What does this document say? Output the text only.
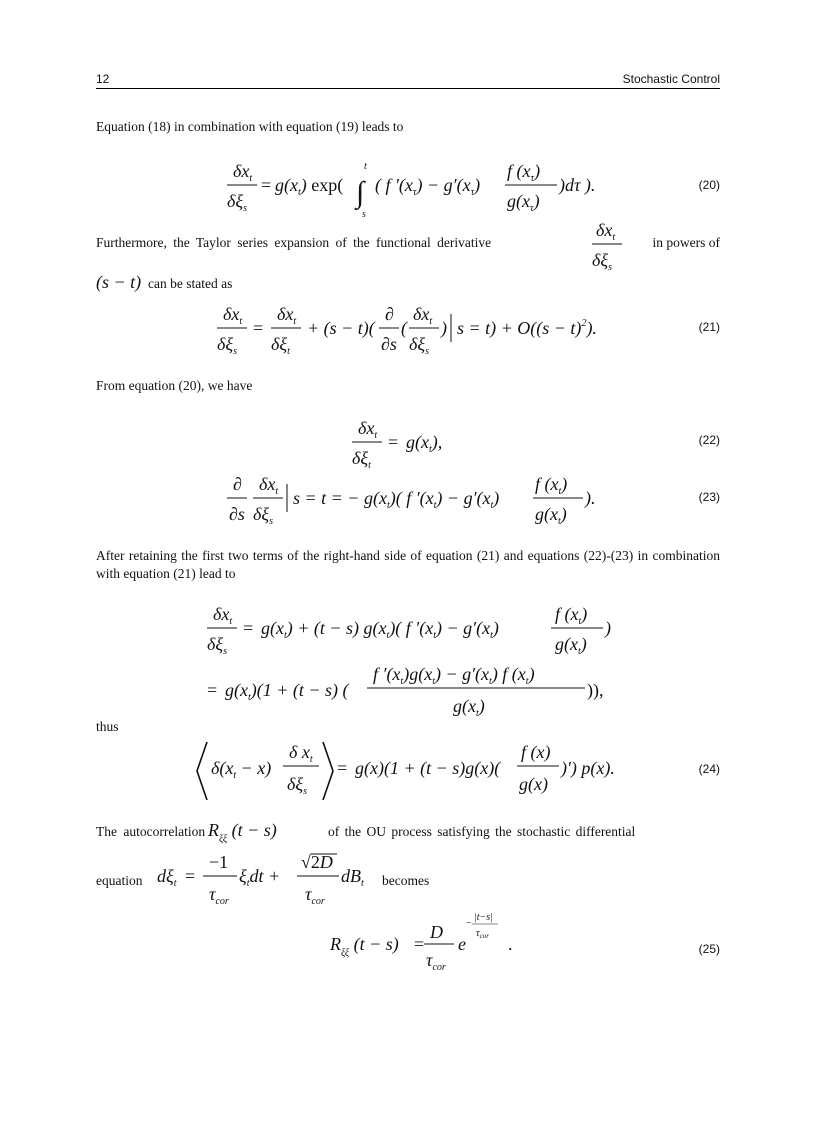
12	Stochastic Control
Equation (18) in combination with equation (19) leads to
$\delta x_t$
$\delta\xi_s$
= $g(x_t)$ exp( ∫
t
s
( f $'(x_\tau) - g'(x_\tau)$
f $(x_\tau)$
$g(x_\tau)$
)dτ ).	(20)
Furthermore, the Taylor series expansion of the functional derivative
$\delta x_t$
$\delta\xi_s$
in powers of
(s − t) can be stated as
$\delta x_t$
$\delta\xi_s$
=
$\delta x_t$
$\delta\xi_t$
+ (s − t)(
∂
∂s
(
$\delta x_t$
$\delta\xi_s$
) $s = t) + O((s - t)^2)$.	(21)
From equation (20), we have
$\delta x_t$
$\delta\xi_t$
= $g(x_t)$,	(22)
∂
∂s
$\delta x_t$
$\delta\xi_s$
s = t = − $g(x_t)$( f $'(x_t) - g'(x_t)$
f $(x_t)$
$g(x_t)$
).	(23)
After retaining the first two terms of the right-hand side of equation (21) and equations (22)-(23) in combination with equation (21) lead to
$\delta x_t$
$\delta\xi_s$
= $g(x_t) + (t - s)$ $g(x_t)$( f $'(x_t) - g'(x_t)$
f $(x_t)$
$g(x_t)$
)
= $g(x_t)(1 + (t - s)$ (
f $'(x_t)g(x_t) - g'(x_t)$ f $(x_t)$
$g(x_t)$
)),
thus
$\delta(x_t - x)$
δ $x_t$
$\delta\xi_s$
= g(x)(1 + (t − s)g(x)(
f (x)
g(x)
)′) p(x).	(24)
The autocorrelation $R_{\xi\xi}$ (t − s)	of the OU process satisfying the stochastic differential
equation $d\xi_t$ =
−1
$\tau_{cor}$
$\xi_tdt$ +
√2D
$\tau_{cor}$
$dB_t$ becomes
$R_{\xi\xi}$ (t − s) =
D
$\tau_{cor}$
e
−
|t−s|
$\tau_{cor}$ .	(25)
